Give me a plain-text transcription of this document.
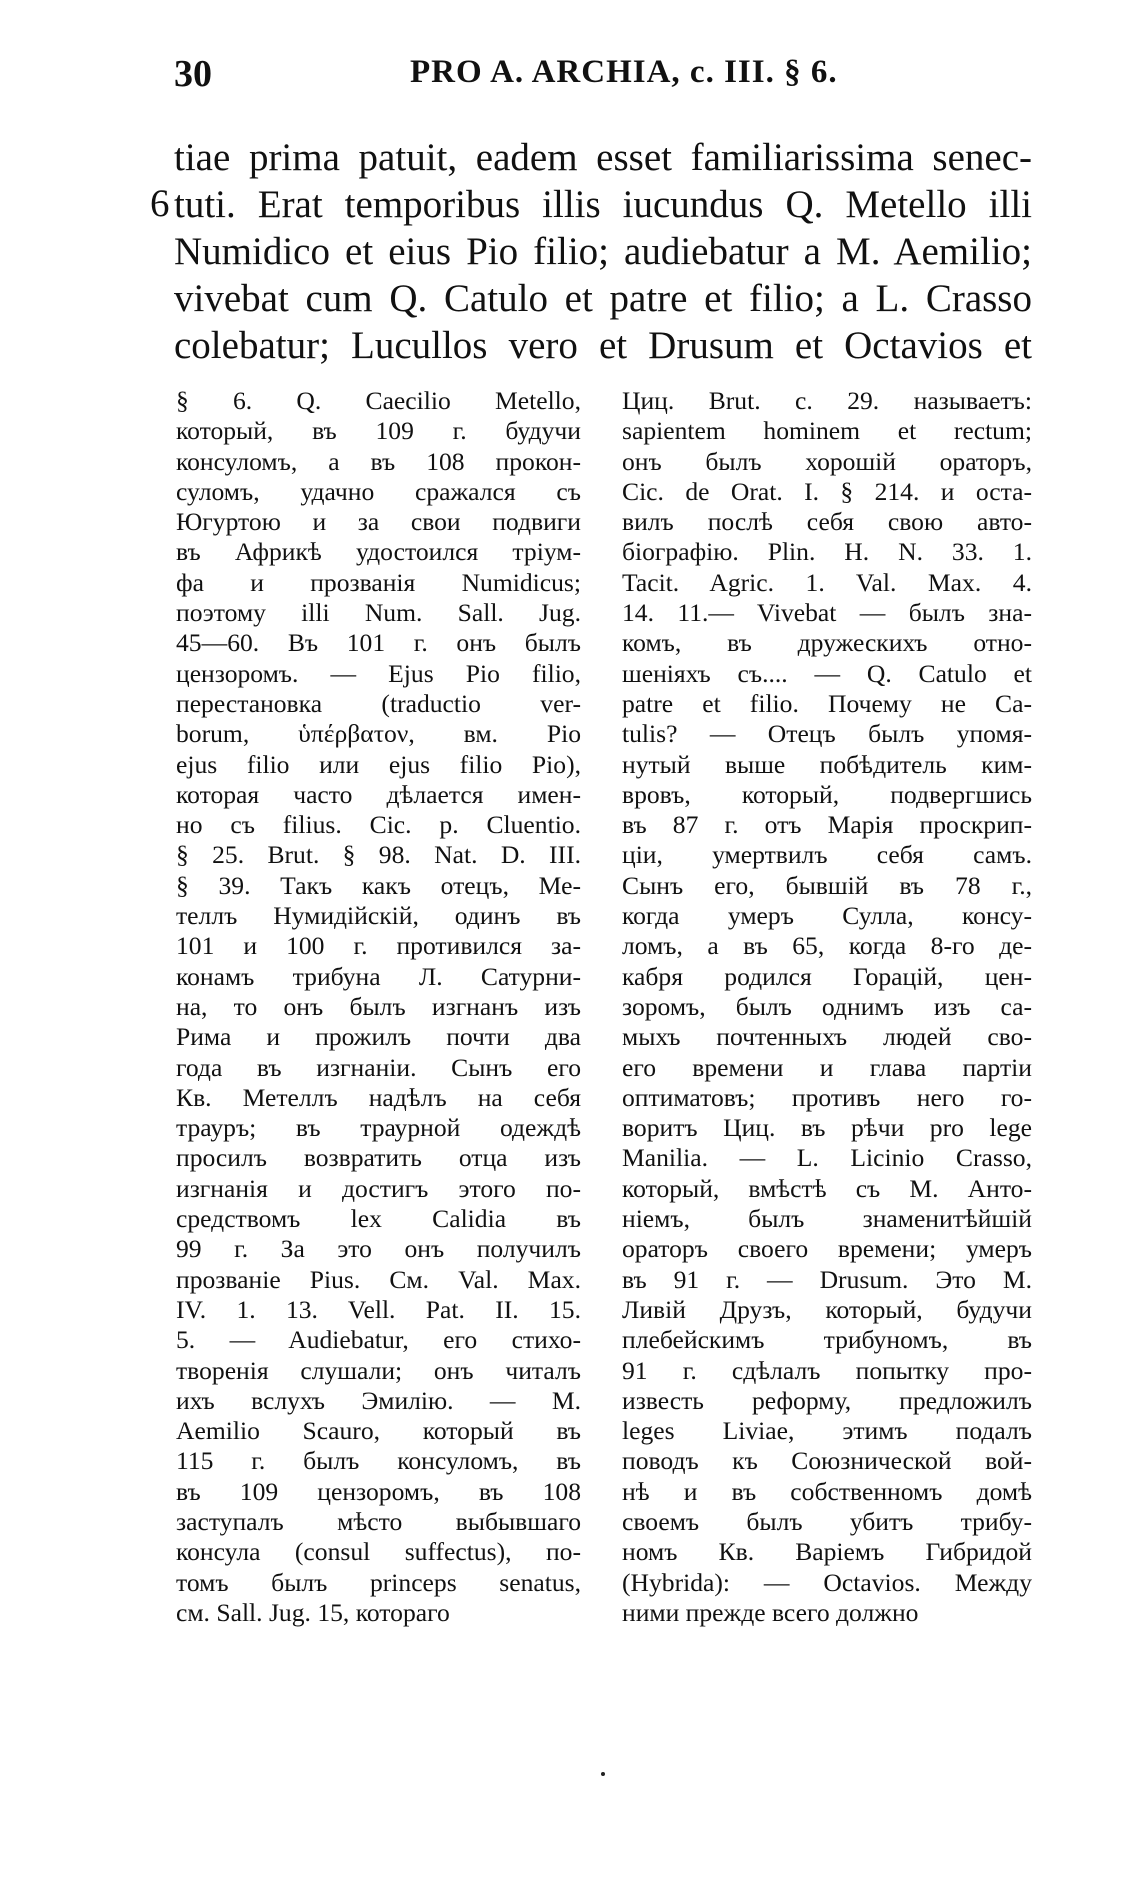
30	PRO A. ARCHIA, c. III. § 6.
6
tiae prima patuit, eadem esset familiarissima senec-
tuti. Erat temporibus illis iucundus Q. Metello illi
Numidico et eius Pio filio; audiebatur a M. Aemilio;
vivebat cum Q. Catulo et patre et filio; a L. Crasso
colebatur; Lucullos vero et Drusum et Octavios et
§ 6. Q. Caecilio Metello,
который, въ 109 г. будучи
консуломъ, а въ 108 прокон-
суломъ, удачно сражался съ
Югуртою и за свои подвиги
въ Африкѣ удостоился тріум-
фа и прозванія Numidicus;
поэтому illi Num. Sall. Jug.
45—60. Въ 101 г. онъ былъ
цензоромъ. — Ejus Pio filio,
перестановка (traductio ver-
borum, ὑπέρβατον, вм. Pio
ejus filio или ejus filio Pio),
которая часто дѣлается имен-
но съ filius. Cic. p. Cluentio.
§ 25. Brut. § 98. Nat. D. III.
§ 39. Такъ какъ отецъ, Ме-
теллъ Нумидійскій, одинъ въ
101 и 100 г. противился за-
конамъ трибуна Л. Сатурни-
на, то онъ былъ изгнанъ изъ
Рима и прожилъ почти два
года въ изгнаніи. Сынъ его
Кв. Метеллъ надѣлъ на себя
трауръ; въ траурной одеждѣ
просилъ возвратить отца изъ
изгнанія и достигъ этого по-
средствомъ lex Calidia въ
99 г. За это онъ получилъ
прозваніе Pius. См. Val. Max.
IV. 1. 13. Vell. Pat. II. 15.
5. — Audiebatur, его стихо-
творенія слушали; онъ читалъ
ихъ вслухъ Эмилію. — M.
Aemilio Scauro, который въ
115 г. былъ консуломъ, въ
въ 109 цензоромъ, въ 108
заступалъ мѣсто выбывшаго
консула (consul suffectus), по-
томъ былъ princeps senatus,
см. Sall. Jug. 15, котораго
Циц. Brut. c. 29. называетъ:
sapientem hominem et rectum;
онъ былъ хорошій ораторъ,
Cic. de Orat. I. § 214. и оста-
вилъ послѣ себя свою авто-
біографію. Plin. H. N. 33. 1.
Tacit. Agric. 1. Val. Max. 4.
14. 11.— Vivebat — былъ зна-
комъ, въ дружескихъ отно-
шеніяхъ съ.... — Q. Catulo et
patre et filio. Почему не Ca-
tulis? — Отецъ былъ упомя-
нутый выше побѣдитель ким-
вровъ, который, подвергшись
въ 87 г. отъ Марія проскрип-
ціи, умертвилъ себя самъ.
Сынъ его, бывшій въ 78 г.,
когда умеръ Сулла, консу-
ломъ, а въ 65, когда 8-го де-
кабря родился Горацій, цен-
зоромъ, былъ однимъ изъ са-
мыхъ почтенныхъ людей сво-
его времени и глава партіи
оптиматовъ; противъ него го-
воритъ Циц. въ рѣчи pro lege
Manilia. — L. Licinio Crasso,
который, вмѣстѣ съ М. Анто-
ніемъ, былъ знаменитѣйшій
ораторъ своего времени; умеръ
въ 91 г. — Drusum. Это М.
Ливій Друзъ, который, будучи
плебейскимъ трибуномъ, въ
91 г. сдѣлалъ попытку про-
известь реформу, предложилъ
leges Liviae, этимъ подалъ
поводъ къ Союзнической вой-
нѣ и въ собственномъ домѣ
своемъ былъ убитъ трибу-
номъ Кв. Варіемъ Гибридой
(Hybrida): — Octavios. Между
ними прежде всего должно
